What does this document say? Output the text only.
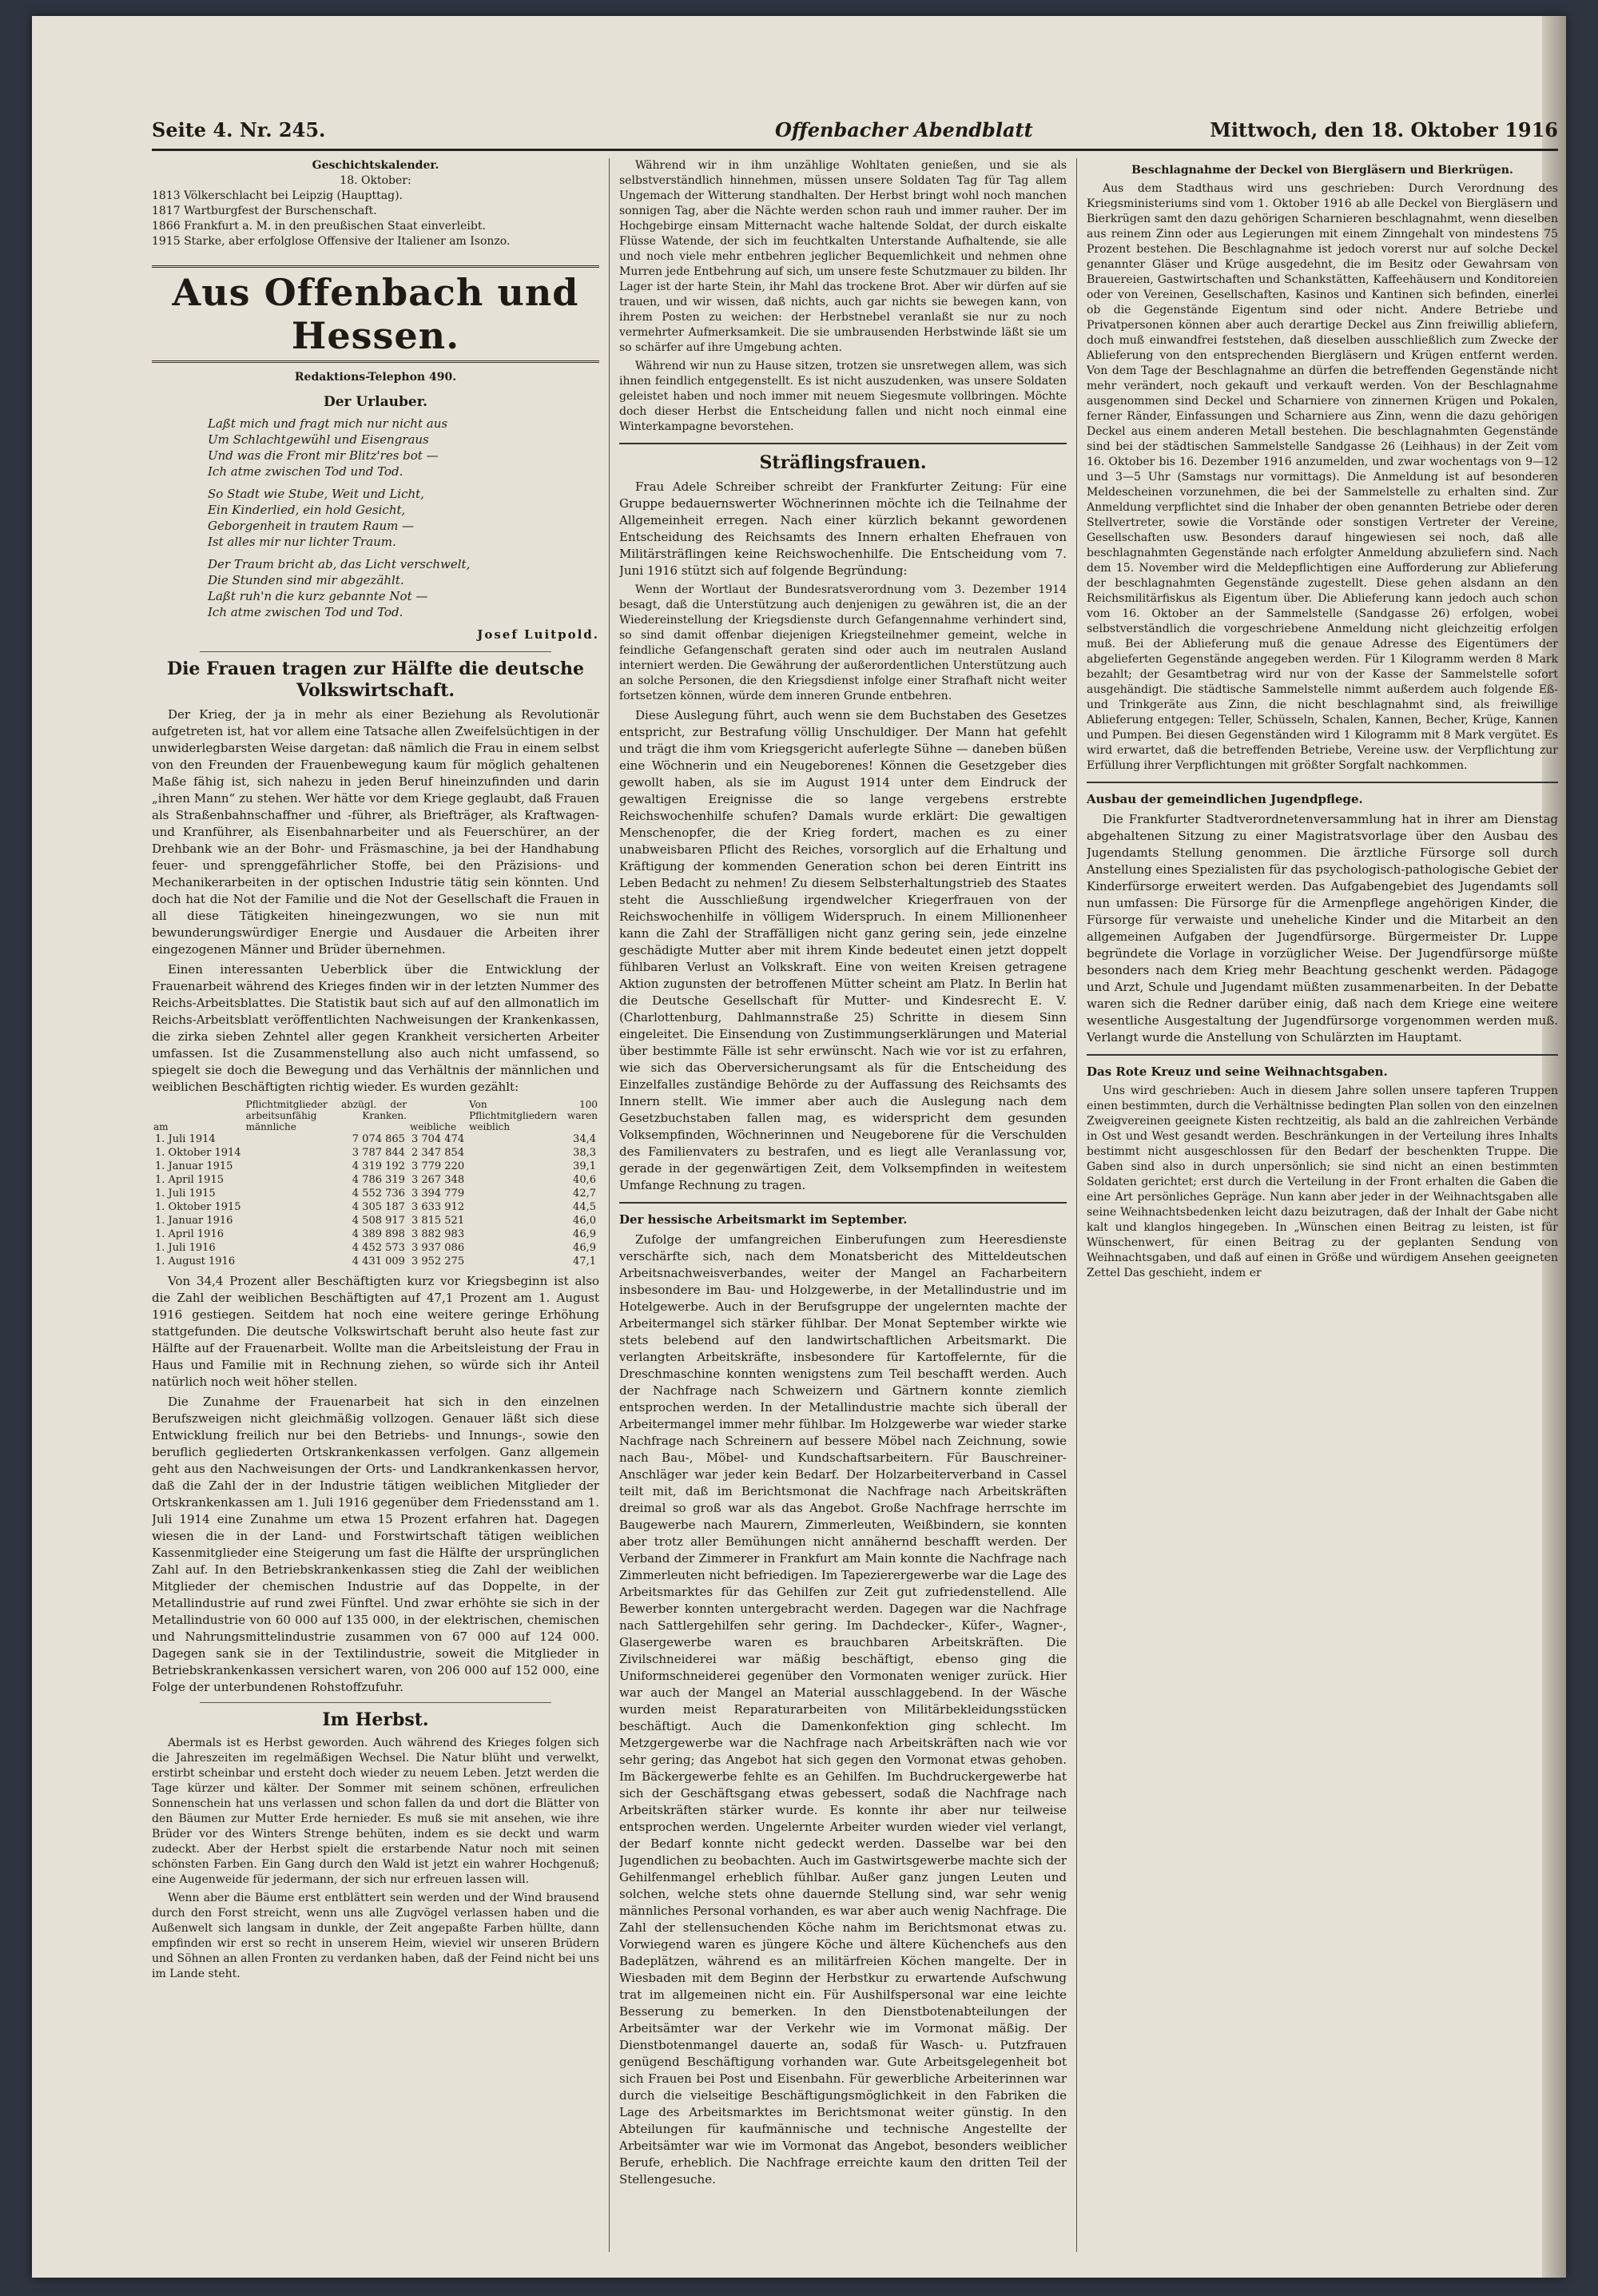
Seite 4. Nr. 245.	Offenbacher Abendblatt	Mittwoch, den 18. Oktober 1916
Geschichtskalender.
18. Oktober:
1813 Völkerschlacht bei Leipzig (Haupttag).
1817 Wartburgfest der Burschenschaft.
1866 Frankfurt a. M. in den preußischen Staat einverleibt.
1915 Starke, aber erfolglose Offensive der Italiener am Isonzo.
Aus Offenbach und Hessen.
Redaktions-Telephon 490.
Der Urlauber.
Laßt mich und fragt mich nur nicht aus
Um Schlachtgewühl und Eisengraus
Und was die Front mir Blitz'res bot —
Ich atme zwischen Tod und Tod.
So Stadt wie Stube, Weit und Licht,
Ein Kinderlied, ein hold Gesicht,
Geborgenheit in trautem Raum —
Ist alles mir nur lichter Traum.
Der Traum bricht ab, das Licht verschwelt,
Die Stunden sind mir abgezählt.
Laßt ruh'n die kurz gebannte Not —
Ich atme zwischen Tod und Tod.
Josef Luitpold.
Die Frauen tragen zur Hälfte die deutsche Volkswirtschaft.

Der Krieg, der ja in mehr als einer Beziehung als Revolutionär aufgetreten ist, hat vor allem eine Tatsache allen Zweifelsüchtigen in der unwiderlegbarsten Weise dargetan: daß nämlich die Frau in einem selbst von den Freunden der Frauenbewegung kaum für möglich gehaltenen Maße fähig ist, sich nahezu in jeden Beruf hineinzufinden und darin „ihren Mann“ zu stehen. Wer hätte vor dem Kriege geglaubt, daß Frauen als Straßenbahnschaffner und -führer, als Briefträger, als Kraftwagen- und Kranführer, als Eisenbahnarbeiter und als Feuerschürer, an der Drehbank wie an der Bohr- und Fräsmaschine, ja bei der Handhabung feuer- und sprenggefährlicher Stoffe, bei den Präzisions- und Mechanikerarbeiten in der optischen Industrie tätig sein könnten. Und doch hat die Not der Familie und die Not der Gesellschaft die Frauen in all diese Tätigkeiten hineingezwungen, wo sie nun mit bewunderungswürdiger Energie und Ausdauer die Arbeiten ihrer eingezogenen Männer und Brüder übernehmen.

Einen interessanten Ueberblick über die Entwicklung der Frauenarbeit während des Krieges finden wir in der letzten Nummer des Reichs-Arbeitsblattes. Die Statistik baut sich auf auf den allmonatlich im Reichs-Arbeitsblatt veröffentlichten Nachweisungen der Krankenkassen, die zirka sieben Zehntel aller gegen Krankheit versicherten Arbeiter umfassen. Ist die Zusammenstellung also auch nicht umfassend, so spiegelt sie doch die Bewegung und das Verhältnis der männlichen und weiblichen Beschäftigten richtig wieder. Es wurden gezählt:

am	Pflichtmitglieder abzügl. der arbeitsunfähig Kranken. männliche	weibliche	Von 100 Pflichtmitgliedern waren weiblich
1. Juli 1914	7 074 865	3 704 474	34,4
1. Oktober 1914	3 787 844	2 347 854	38,3
1. Januar 1915	4 319 192	3 779 220	39,1
1. April 1915	4 786 319	3 267 348	40,6
1. Juli 1915	4 552 736	3 394 779	42,7
1. Oktober 1915	4 305 187	3 633 912	44,5
1. Januar 1916	4 508 917	3 815 521	46,0
1. April 1916	4 389 898	3 882 983	46,9
1. Juli 1916	4 452 573	3 937 086	46,9
1. August 1916	4 431 009	3 952 275	47,1

Von 34,4 Prozent aller Beschäftigten kurz vor Kriegsbeginn ist also die Zahl der weiblichen Beschäftigten auf 47,1 Prozent am 1. August 1916 gestiegen. Seitdem hat noch eine weitere geringe Erhöhung stattgefunden. Die deutsche Volkswirtschaft beruht also heute fast zur Hälfte auf der Frauenarbeit. Wollte man die Arbeitsleistung der Frau in Haus und Familie mit in Rechnung ziehen, so würde sich ihr Anteil natürlich noch weit höher stellen.

Die Zunahme der Frauenarbeit hat sich in den einzelnen Berufszweigen nicht gleichmäßig vollzogen. Genauer läßt sich diese Entwicklung freilich nur bei den Betriebs- und Innungs-, sowie den beruflich gegliederten Ortskrankenkassen verfolgen. Ganz allgemein geht aus den Nachweisungen der Orts- und Landkrankenkassen hervor, daß die Zahl der in der Industrie tätigen weiblichen Mitglieder der Ortskrankenkassen am 1. Juli 1916 gegenüber dem Friedensstand am 1. Juli 1914 eine Zunahme um etwa 15 Prozent erfahren hat. Dagegen wiesen die in der Land- und Forstwirtschaft tätigen weiblichen Kassenmitglieder eine Steigerung um fast die Hälfte der ursprünglichen Zahl auf. In den Betriebskrankenkassen stieg die Zahl der weiblichen Mitglieder der chemischen Industrie auf das Doppelte, in der Metallindustrie auf rund zwei Fünftel. Und zwar erhöhte sie sich in der Metallindustrie von 60 000 auf 135 000, in der elektrischen, chemischen und Nahrungsmittelindustrie zusammen von 67 000 auf 124 000. Dagegen sank sie in der Textilindustrie, soweit die Mitglieder in Betriebskrankenkassen versichert waren, von 206 000 auf 152 000, eine Folge der unterbundenen Rohstoffzufuhr.

Im Herbst.

Abermals ist es Herbst geworden. Auch während des Krieges folgen sich die Jahreszeiten im regelmäßigen Wechsel. Die Natur blüht und verwelkt, erstirbt scheinbar und ersteht doch wieder zu neuem Leben. Jetzt werden die Tage kürzer und kälter. Der Sommer mit seinem schönen, erfreulichen Sonnenschein hat uns verlassen und schon fallen da und dort die Blätter von den Bäumen zur Mutter Erde hernieder. Es muß sie mit ansehen, wie ihre Brüder vor des Winters Strenge behüten, indem es sie deckt und warm zudeckt. Aber der Herbst spielt die erstarbende Natur noch mit seinen schönsten Farben. Ein Gang durch den Wald ist jetzt ein wahrer Hochgenuß; eine Augenweide für jedermann, der sich nur erfreuen lassen will.

Wenn aber die Bäume erst entblättert sein werden und der Wind brausend durch den Forst streicht, wenn uns alle Zugvögel verlassen haben und die Außenwelt sich langsam in dunkle, der Zeit angepaßte Farben hüllte, dann empfinden wir erst so recht in unserem Heim, wieviel wir unseren Brüdern und Söhnen an allen Fronten zu verdanken haben, daß der Feind nicht bei uns im Lande steht.

Während wir in ihm unzählige Wohltaten genießen, und sie als selbstverständlich hinnehmen, müssen unsere Soldaten Tag für Tag allem Ungemach der Witterung standhalten. Der Herbst bringt wohl noch manchen sonnigen Tag, aber die Nächte werden schon rauh und immer rauher. Der im Hochgebirge einsam Mitternacht wache haltende Soldat, der durch eiskalte Flüsse Watende, der sich im feuchtkalten Unterstande Aufhaltende, sie alle und noch viele mehr entbehren jeglicher Bequemlichkeit und nehmen ohne Murren jede Entbehrung auf sich, um unsere feste Schutzmauer zu bilden. Ihr Lager ist der harte Stein, ihr Mahl das trockene Brot. Aber wir dürfen auf sie trauen, und wir wissen, daß nichts, auch gar nichts sie bewegen kann, von ihrem Posten zu weichen: der Herbstnebel veranlaßt sie nur zu noch vermehrter Aufmerksamkeit. Die sie umbrausenden Herbstwinde läßt sie um so schärfer auf ihre Umgebung achten.

Während wir nun zu Hause sitzen, trotzen sie unsretwegen allem, was sich ihnen feindlich entgegenstellt. Es ist nicht auszudenken, was unsere Soldaten geleistet haben und noch immer mit neuem Siegesmute vollbringen. Möchte doch dieser Herbst die Entscheidung fallen und nicht noch einmal eine Winterkampagne bevorstehen.

Sträflingsfrauen.

Frau Adele Schreiber schreibt der Frankfurter Zeitung: Für eine Gruppe bedauernswerter Wöchnerinnen möchte ich die Teilnahme der Allgemeinheit erregen. Nach einer kürzlich bekannt gewordenen Entscheidung des Reichsamts des Innern erhalten Ehefrauen von Militärsträflingen keine Reichswochenhilfe. Die Entscheidung vom 7. Juni 1916 stützt sich auf folgende Begründung:

Wenn der Wortlaut der Bundesratsverordnung vom 3. Dezember 1914 besagt, daß die Unterstützung auch denjenigen zu gewähren ist, die an der Wiedereinstellung der Kriegsdienste durch Gefangennahme verhindert sind, so sind damit offenbar diejenigen Kriegsteilnehmer gemeint, welche in feindliche Gefangenschaft geraten sind oder auch im neutralen Ausland interniert werden. Die Gewährung der außerordentlichen Unterstützung auch an solche Personen, die den Kriegsdienst infolge einer Strafhaft nicht weiter fortsetzen können, würde dem inneren Grunde entbehren.

Diese Auslegung führt, auch wenn sie dem Buchstaben des Gesetzes entspricht, zur Bestrafung völlig Unschuldiger. Der Mann hat gefehlt und trägt die ihm vom Kriegsgericht auferlegte Sühne — daneben büßen eine Wöchnerin und ein Neugeborenes! Können die Gesetzgeber dies gewollt haben, als sie im August 1914 unter dem Eindruck der gewaltigen Ereignisse die so lange vergebens erstrebte Reichswochenhilfe schufen? Damals wurde erklärt: Die gewaltigen Menschenopfer, die der Krieg fordert, machen es zu einer unabweisbaren Pflicht des Reiches, vorsorglich auf die Erhaltung und Kräftigung der kommenden Generation schon bei deren Eintritt ins Leben Bedacht zu nehmen! Zu diesem Selbsterhaltungstrieb des Staates steht die Ausschließung irgendwelcher Kriegerfrauen von der Reichswochenhilfe in völligem Widerspruch. In einem Millionenheer kann die Zahl der Straffälligen nicht ganz gering sein, jede einzelne geschädigte Mutter aber mit ihrem Kinde bedeutet einen jetzt doppelt fühlbaren Verlust an Volkskraft. Eine von weiten Kreisen getragene Aktion zugunsten der betroffenen Mütter scheint am Platz. In Berlin hat die Deutsche Gesellschaft für Mutter- und Kindesrecht E. V. (Charlottenburg, Dahlmannstraße 25) Schritte in diesem Sinn eingeleitet. Die Einsendung von Zustimmungserklärungen und Material über bestimmte Fälle ist sehr erwünscht. Nach wie vor ist zu erfahren, wie sich das Oberversicherungsamt als für die Entscheidung des Einzelfalles zuständige Behörde zu der Auffassung des Reichsamts des Innern stellt. Wie immer aber auch die Auslegung nach dem Gesetzbuchstaben fallen mag, es widerspricht dem gesunden Volksempfinden, Wöchnerinnen und Neugeborene für die Verschulden des Familienvaters zu bestrafen, und es liegt alle Veranlassung vor, gerade in der gegenwärtigen Zeit, dem Volksempfinden in weitestem Umfange Rechnung zu tragen.

Der hessische Arbeitsmarkt im September.

Zufolge der umfangreichen Einberufungen zum Heeresdienste verschärfte sich, nach dem Monatsbericht des Mitteldeutschen Arbeitsnachweisverbandes, weiter der Mangel an Facharbeitern insbesondere im Bau- und Holzgewerbe, in der Metallindustrie und im Hotelgewerbe. Auch in der Berufsgruppe der ungelernten machte der Arbeitermangel sich stärker fühlbar. Der Monat September wirkte wie stets belebend auf den landwirtschaftlichen Arbeitsmarkt. Die verlangten Arbeitskräfte, insbesondere für Kartoffelernte, für die Dreschmaschine konnten wenigstens zum Teil beschafft werden. Auch der Nachfrage nach Schweizern und Gärtnern konnte ziemlich entsprochen werden. In der Metallindustrie machte sich überall der Arbeitermangel immer mehr fühlbar. Im Holzgewerbe war wieder starke Nachfrage nach Schreinern auf bessere Möbel nach Zeichnung, sowie nach Bau-, Möbel- und Kundschaftsarbeitern. Für Bauschreiner-Anschläger war jeder kein Bedarf. Der Holzarbeiterverband in Cassel teilt mit, daß im Berichtsmonat die Nachfrage nach Arbeitskräften dreimal so groß war als das Angebot. Große Nachfrage herrschte im Baugewerbe nach Maurern, Zimmerleuten, Weißbindern, sie konnten aber trotz aller Bemühungen nicht annähernd beschafft werden. Der Verband der Zimmerer in Frankfurt am Main konnte die Nachfrage nach Zimmerleuten nicht befriedigen. Im Tapezierergewerbe war die Lage des Arbeitsmarktes für das Gehilfen zur Zeit gut zufriedenstellend. Alle Bewerber konnten untergebracht werden. Dagegen war die Nachfrage nach Sattlergehilfen sehr gering. Im Dachdecker-, Küfer-, Wagner-, Glasergewerbe waren es brauchbaren Arbeitskräften. Die Zivilschneiderei war mäßig beschäftigt, ebenso ging die Uniformschneiderei gegenüber den Vormonaten weniger zurück. Hier war auch der Mangel an Material ausschlaggebend. In der Wäsche wurden meist Reparaturarbeiten von Militärbekleidungsstücken beschäftigt. Auch die Damenkonfektion ging schlecht. Im Metzgergewerbe war die Nachfrage nach Arbeitskräften nach wie vor sehr gering; das Angebot hat sich gegen den Vormonat etwas gehoben. Im Bäckergewerbe fehlte es an Gehilfen. Im Buchdruckergewerbe hat sich der Geschäftsgang etwas gebessert, sodaß die Nachfrage nach Arbeitskräften stärker wurde. Es konnte ihr aber nur teilweise entsprochen werden. Ungelernte Arbeiter wurden wieder viel verlangt, der Bedarf konnte nicht gedeckt werden. Dasselbe war bei den Jugendlichen zu beobachten. Auch im Gastwirtsgewerbe machte sich der Gehilfenmangel erheblich fühlbar. Außer ganz jungen Leuten und solchen, welche stets ohne dauernde Stellung sind, war sehr wenig männliches Personal vorhanden, es war aber auch wenig Nachfrage. Die Zahl der stellensuchenden Köche nahm im Berichtsmonat etwas zu. Vorwiegend waren es jüngere Köche und ältere Küchenchefs aus den Badeplätzen, während es an militärfreien Köchen mangelte. Der in Wiesbaden mit dem Beginn der Herbstkur zu erwartende Aufschwung trat im allgemeinen nicht ein. Für Aushilfspersonal war eine leichte Besserung zu bemerken. In den Dienstbotenabteilungen der Arbeitsämter war der Verkehr wie im Vormonat mäßig. Der Dienstbotenmangel dauerte an, sodaß für Wasch- u. Putzfrauen genügend Beschäftigung vorhanden war. Gute Arbeitsgelegenheit bot sich Frauen bei Post und Eisenbahn. Für gewerbliche Arbeiterinnen war durch die vielseitige Beschäftigungsmöglichkeit in den Fabriken die Lage des Arbeitsmarktes im Berichtsmonat weiter günstig. In den Abteilungen für kaufmännische und technische Angestellte der Arbeitsämter war wie im Vormonat das Angebot, besonders weiblicher Berufe, erheblich. Die Nachfrage erreichte kaum den dritten Teil der Stellengesuche.

Beschlagnahme der Deckel von Biergläsern und Bierkrügen.

Aus dem Stadthaus wird uns geschrieben: Durch Verordnung des Kriegsministeriums sind vom 1. Oktober 1916 ab alle Deckel von Biergläsern und Bierkrügen samt den dazu gehörigen Scharnieren beschlagnahmt, wenn dieselben aus reinem Zinn oder aus Legierungen mit einem Zinngehalt von mindestens 75 Prozent bestehen. Die Beschlagnahme ist jedoch vorerst nur auf solche Deckel genannter Gläser und Krüge ausgedehnt, die im Besitz oder Gewahrsam von Brauereien, Gastwirtschaften und Schankstätten, Kaffeehäusern und Konditoreien oder von Vereinen, Gesellschaften, Kasinos und Kantinen sich befinden, einerlei ob die Gegenstände Eigentum sind oder nicht. Andere Betriebe und Privatpersonen können aber auch derartige Deckel aus Zinn freiwillig abliefern, doch muß einwandfrei feststehen, daß dieselben ausschließlich zum Zwecke der Ablieferung von den entsprechenden Biergläsern und Krügen entfernt werden. Von dem Tage der Beschlagnahme an dürfen die betreffenden Gegenstände nicht mehr verändert, noch gekauft und verkauft werden. Von der Beschlagnahme ausgenommen sind Deckel und Scharniere von zinnernen Krügen und Pokalen, ferner Ränder, Einfassungen und Scharniere aus Zinn, wenn die dazu gehörigen Deckel aus einem anderen Metall bestehen. Die beschlagnahmten Gegenstände sind bei der städtischen Sammelstelle Sandgasse 26 (Leihhaus) in der Zeit vom 16. Oktober bis 16. Dezember 1916 anzumelden, und zwar wochentags von 9—12 und 3—5 Uhr (Samstags nur vormittags). Die Anmeldung ist auf besonderen Meldescheinen vorzunehmen, die bei der Sammelstelle zu erhalten sind. Zur Anmeldung verpflichtet sind die Inhaber der oben genannten Betriebe oder deren Stellvertreter, sowie die Vorstände oder sonstigen Vertreter der Vereine, Gesellschaften usw. Besonders darauf hingewiesen sei noch, daß alle beschlagnahmten Gegenstände nach erfolgter Anmeldung abzuliefern sind. Nach dem 15. November wird die Meldepflichtigen eine Aufforderung zur Ablieferung der beschlagnahmten Gegenstände zugestellt. Diese gehen alsdann an den Reichsmilitärfiskus als Eigentum über. Die Ablieferung kann jedoch auch schon vom 16. Oktober an der Sammelstelle (Sandgasse 26) erfolgen, wobei selbstverständlich die vorgeschriebene Anmeldung nicht gleichzeitig erfolgen muß. Bei der Ablieferung muß die genaue Adresse des Eigentümers der abgelieferten Gegenstände angegeben werden. Für 1 Kilogramm werden 8 Mark bezahlt; der Gesamtbetrag wird nur von der Kasse der Sammelstelle sofort ausgehändigt. Die städtische Sammelstelle nimmt außerdem auch folgende Eß- und Trinkgeräte aus Zinn, die nicht beschlagnahmt sind, als freiwillige Ablieferung entgegen: Teller, Schüsseln, Schalen, Kannen, Becher, Krüge, Kannen und Pumpen. Bei diesen Gegenständen wird 1 Kilogramm mit 8 Mark vergütet. Es wird erwartet, daß die betreffenden Betriebe, Vereine usw. der Verpflichtung zur Erfüllung ihrer Verpflichtungen mit größter Sorgfalt nachkommen.

Ausbau der gemeindlichen Jugendpflege.

Die Frankfurter Stadtverordnetenversammlung hat in ihrer am Dienstag abgehaltenen Sitzung zu einer Magistratsvorlage über den Ausbau des Jugendamts Stellung genommen. Die ärztliche Fürsorge soll durch Anstellung eines Spezialisten für das psychologisch-pathologische Gebiet der Kinderfürsorge erweitert werden. Das Aufgabengebiet des Jugendamts soll nun umfassen: Die Fürsorge für die Armenpflege angehörigen Kinder, die Fürsorge für verwaiste und uneheliche Kinder und die Mitarbeit an den allgemeinen Aufgaben der Jugendfürsorge. Bürgermeister Dr. Luppe begründete die Vorlage in vorzüglicher Weise. Der Jugendfürsorge müßte besonders nach dem Krieg mehr Beachtung geschenkt werden. Pädagoge und Arzt, Schule und Jugendamt müßten zusammenarbeiten. In der Debatte waren sich die Redner darüber einig, daß nach dem Kriege eine weitere wesentliche Ausgestaltung der Jugendfürsorge vorgenommen werden muß. Verlangt wurde die Anstellung von Schulärzten im Hauptamt.

Das Rote Kreuz und seine Weihnachtsgaben.

Uns wird geschrieben: Auch in diesem Jahre sollen unsere tapferen Truppen einen bestimmten, durch die Verhältnisse bedingten Plan sollen von den einzelnen Zweigvereinen geeignete Kisten rechtzeitig, als bald an die zahlreichen Verbände in Ost und West gesandt werden. Beschränkungen in der Verteilung ihres Inhalts bestimmt nicht ausgeschlossen für den Bedarf der beschenkten Truppe. Die Gaben sind also in durch unpersönlich; sie sind nicht an einen bestimmten Soldaten gerichtet; erst durch die Verteilung in der Front erhalten die Gaben die eine Art persönliches Gepräge. Nun kann aber jeder in der Weihnachtsgaben alle seine Weihnachtsbedenken leicht dazu beizutragen, daß der Inhalt der Gabe nicht kalt und klanglos hingegeben. In „Wünschen einen Beitrag zu leisten, ist für Wünschenwert, für einen Beitrag zu der geplanten Sendung von Weihnachtsgaben, und daß auf einen in Größe und würdigem Ansehen geeigneten Zettel Das geschieht, indem er
